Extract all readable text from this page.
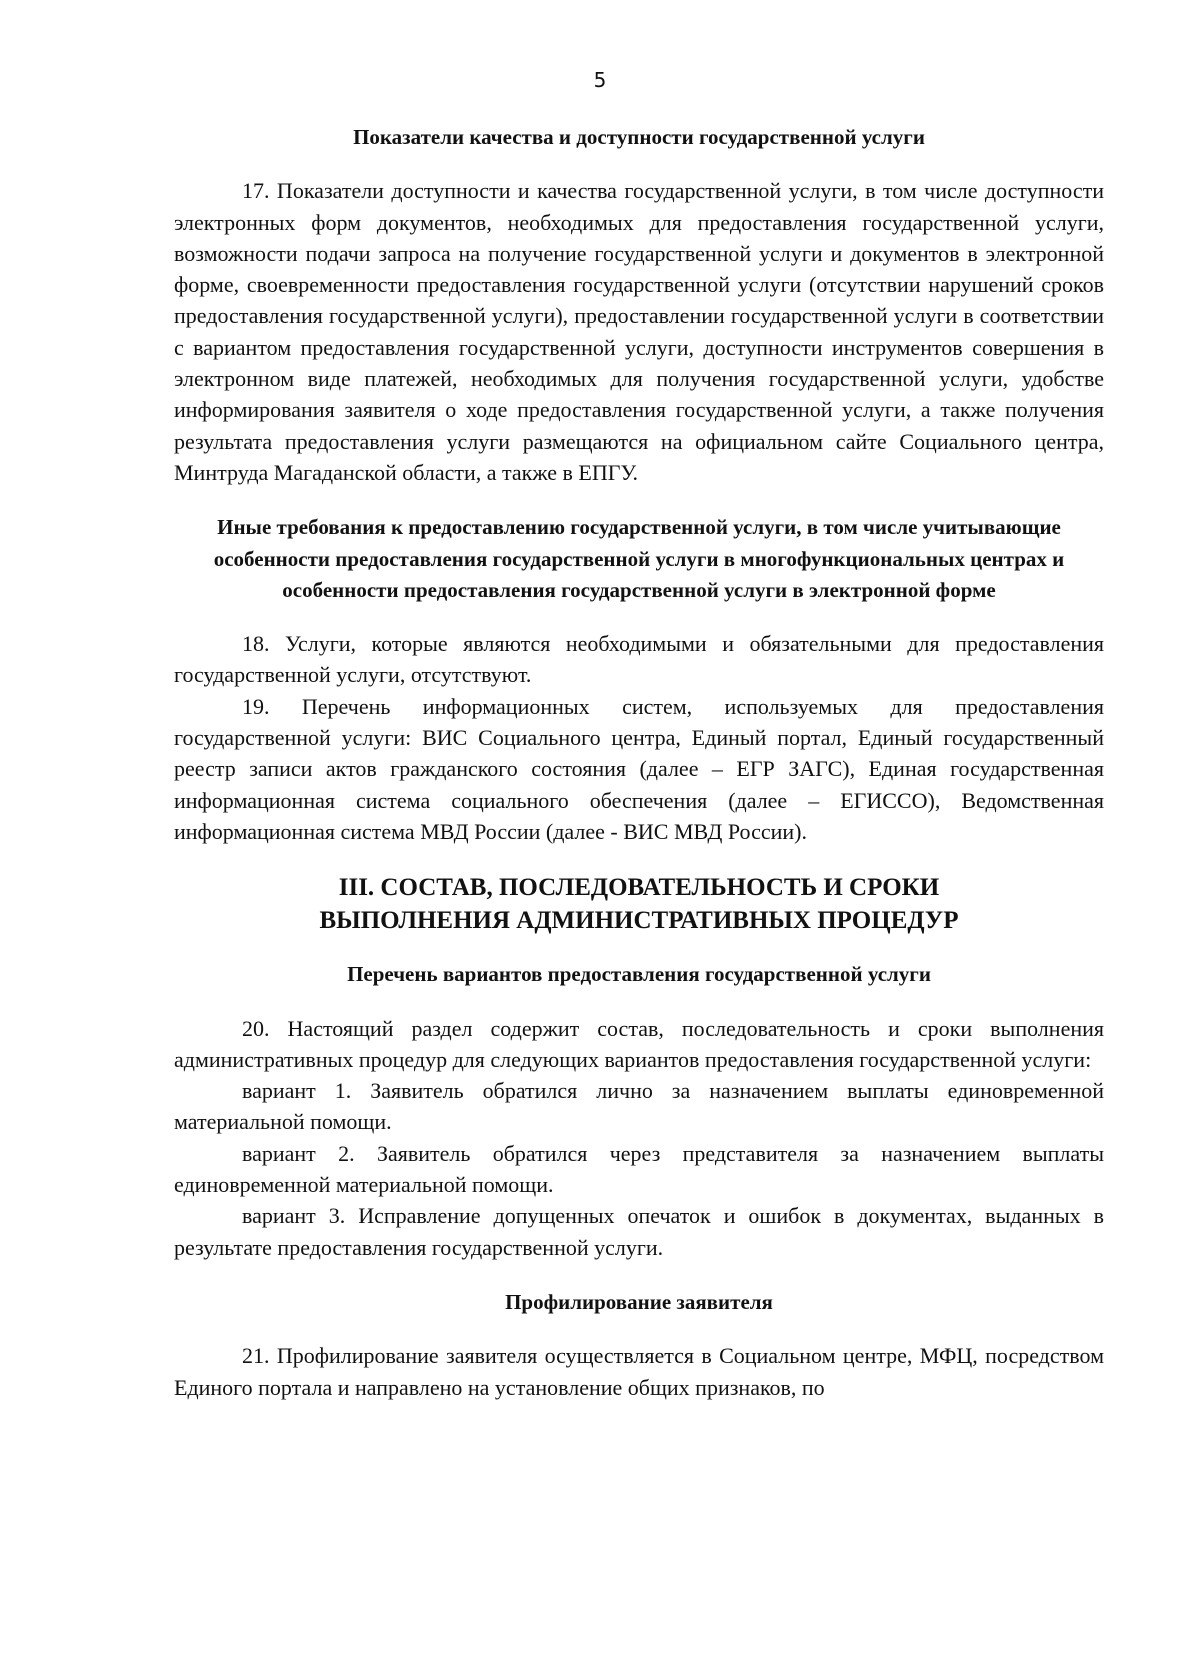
5
Показатели качества и доступности государственной услуги

17. Показатели доступности и качества государственной услуги, в том числе доступности электронных форм документов, необходимых для предоставления государственной услуги, возможности подачи запроса на получение государственной услуги и документов в электронной форме, своевременности предоставления государственной услуги (отсутствии нарушений сроков предоставления государственной услуги), предоставлении государственной услуги в соответствии с вариантом предоставления государственной услуги, доступности инструментов совершения в электронном виде платежей, необходимых для получения государственной услуги, удобстве информирования заявителя о ходе предоставления государственной услуги, а также получения результата предоставления услуги размещаются на официальном сайте Социального центра, Минтруда Магаданской области, а также в ЕПГУ.

Иные требования к предоставлению государственной услуги, в том числе учитывающие особенности предоставления государственной услуги в многофункциональных центрах и особенности предоставления государственной услуги в электронной форме

18. Услуги, которые являются необходимыми и обязательными для предоставления государственной услуги, отсутствуют.

19. Перечень информационных систем, используемых для предоставления государственной услуги: ВИС Социального центра, Единый портал, Единый государственный реестр записи актов гражданского состояния (далее – ЕГР ЗАГС), Единая государственная информационная система социального обеспечения (далее – ЕГИССО), Ведомственная информационная система МВД России (далее - ВИС МВД России).

III. СОСТАВ, ПОСЛЕДОВАТЕЛЬНОСТЬ И СРОКИ ВЫПОЛНЕНИЯ АДМИНИСТРАТИВНЫХ ПРОЦЕДУР
Перечень вариантов предоставления государственной услуги

20. Настоящий раздел содержит состав, последовательность и сроки выполнения административных процедур для следующих вариантов предоставления государственной услуги:

вариант 1. Заявитель обратился лично за назначением выплаты единовременной материальной помощи.

вариант 2. Заявитель обратился через представителя за назначением выплаты единовременной материальной помощи.

вариант 3. Исправление допущенных опечаток и ошибок в документах, выданных в результате предоставления государственной услуги.

Профилирование заявителя

21. Профилирование заявителя осуществляется в Социальном центре, МФЦ, посредством Единого портала и направлено на установление общих признаков, по
